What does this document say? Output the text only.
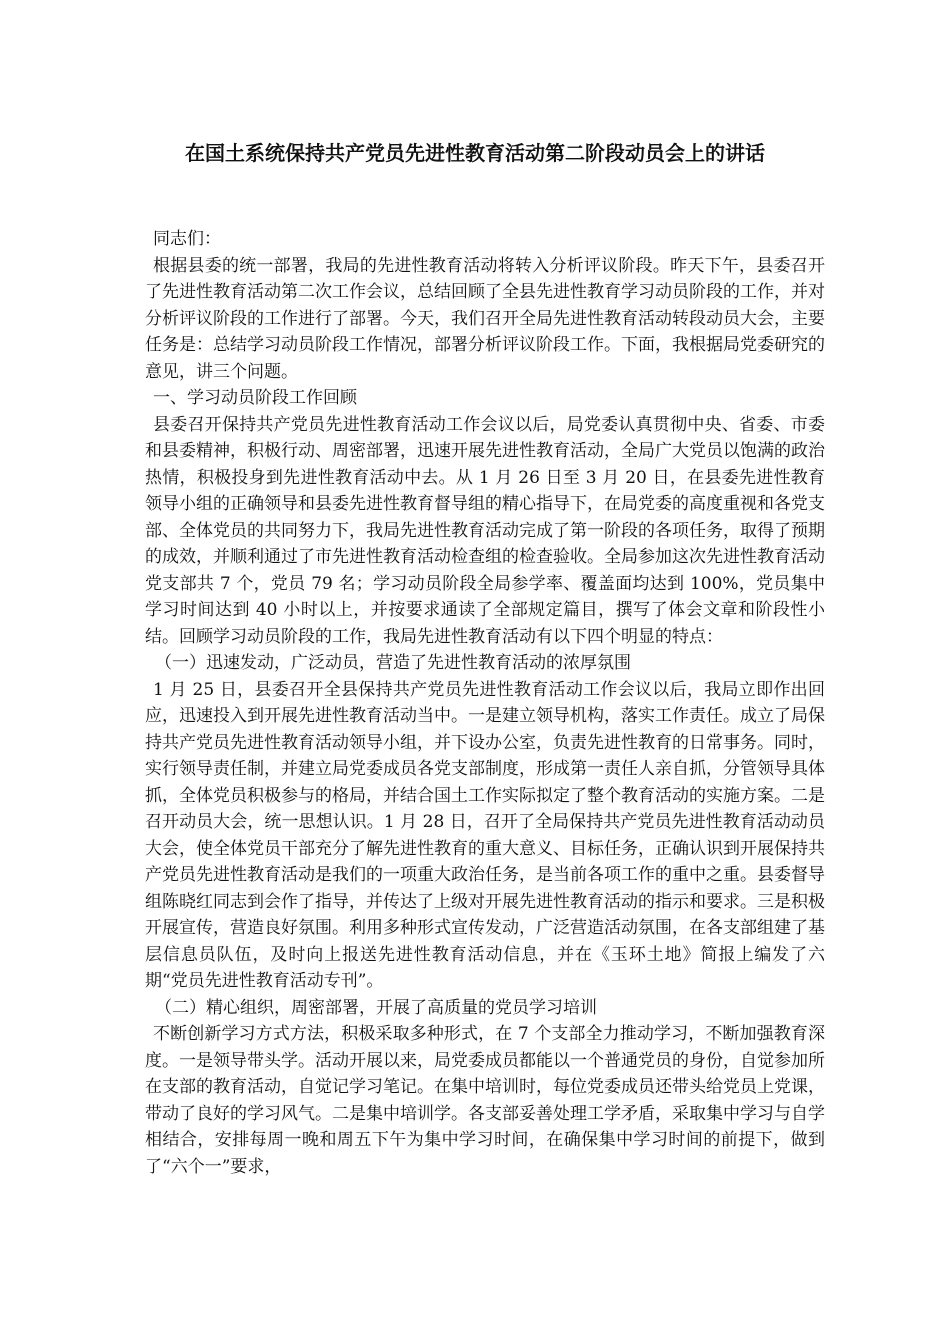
在国土系统保持共产党员先进性教育活动第二阶段动员会上的讲话

同志们：

根据县委的统一部署，我局的先进性教育活动将转入分析评议阶段。昨天下午，县委召开了先进性教育活动第二次工作会议，总结回顾了全县先进性教育学习动员阶段的工作，并对分析评议阶段的工作进行了部署。今天，我们召开全局先进性教育活动转段动员大会，主要任务是：总结学习动员阶段工作情况，部署分析评议阶段工作。下面，我根据局党委研究的意见，讲三个问题。

一、学习动员阶段工作回顾

县委召开保持共产党员先进性教育活动工作会议以后，局党委认真贯彻中央、省委、市委和县委精神，积极行动、周密部署，迅速开展先进性教育活动，全局广大党员以饱满的政治热情，积极投身到先进性教育活动中去。从 1 月 26 日至 3 月 20 日，在县委先进性教育领导小组的正确领导和县委先进性教育督导组的精心指导下，在局党委的高度重视和各党支部、全体党员的共同努力下，我局先进性教育活动完成了第一阶段的各项任务，取得了预期的成效，并顺利通过了市先进性教育活动检查组的检查验收。全局参加这次先进性教育活动党支部共 7 个，党员 79 名；学习动员阶段全局参学率、覆盖面均达到 100%，党员集中学习时间达到 40 小时以上，并按要求通读了全部规定篇目，撰写了体会文章和阶段性小结。回顾学习动员阶段的工作，我局先进性教育活动有以下四个明显的特点：

（一）迅速发动，广泛动员，营造了先进性教育活动的浓厚氛围

1 月 25 日，县委召开全县保持共产党员先进性教育活动工作会议以后，我局立即作出回应，迅速投入到开展先进性教育活动当中。一是建立领导机构，落实工作责任。成立了局保持共产党员先进性教育活动领导小组，并下设办公室，负责先进性教育的日常事务。同时，实行领导责任制，并建立局党委成员各党支部制度，形成第一责任人亲自抓，分管领导具体抓，全体党员积极参与的格局，并结合国土工作实际拟定了整个教育活动的实施方案。二是召开动员大会，统一思想认识。1 月 28 日，召开了全局保持共产党员先进性教育活动动员大会，使全体党员干部充分了解先进性教育的重大意义、目标任务，正确认识到开展保持共产党员先进性教育活动是我们的一项重大政治任务，是当前各项工作的重中之重。县委督导组陈晓红同志到会作了指导，并传达了上级对开展先进性教育活动的指示和要求。三是积极开展宣传，营造良好氛围。利用多种形式宣传发动，广泛营造活动氛围，在各支部组建了基层信息员队伍，及时向上报送先进性教育活动信息，并在《玉环土地》简报上编发了六期“党员先进性教育活动专刊”。

（二）精心组织，周密部署，开展了高质量的党员学习培训

不断创新学习方式方法，积极采取多种形式，在 7 个支部全力推动学习，不断加强教育深度。一是领导带头学。活动开展以来，局党委成员都能以一个普通党员的身份，自觉参加所在支部的教育活动，自觉记学习笔记。在集中培训时，每位党委成员还带头给党员上党课，带动了良好的学习风气。二是集中培训学。各支部妥善处理工学矛盾，采取集中学习与自学相结合，安排每周一晚和周五下午为集中学习时间，在确保集中学习时间的前提下，做到了“六个一”要求，
